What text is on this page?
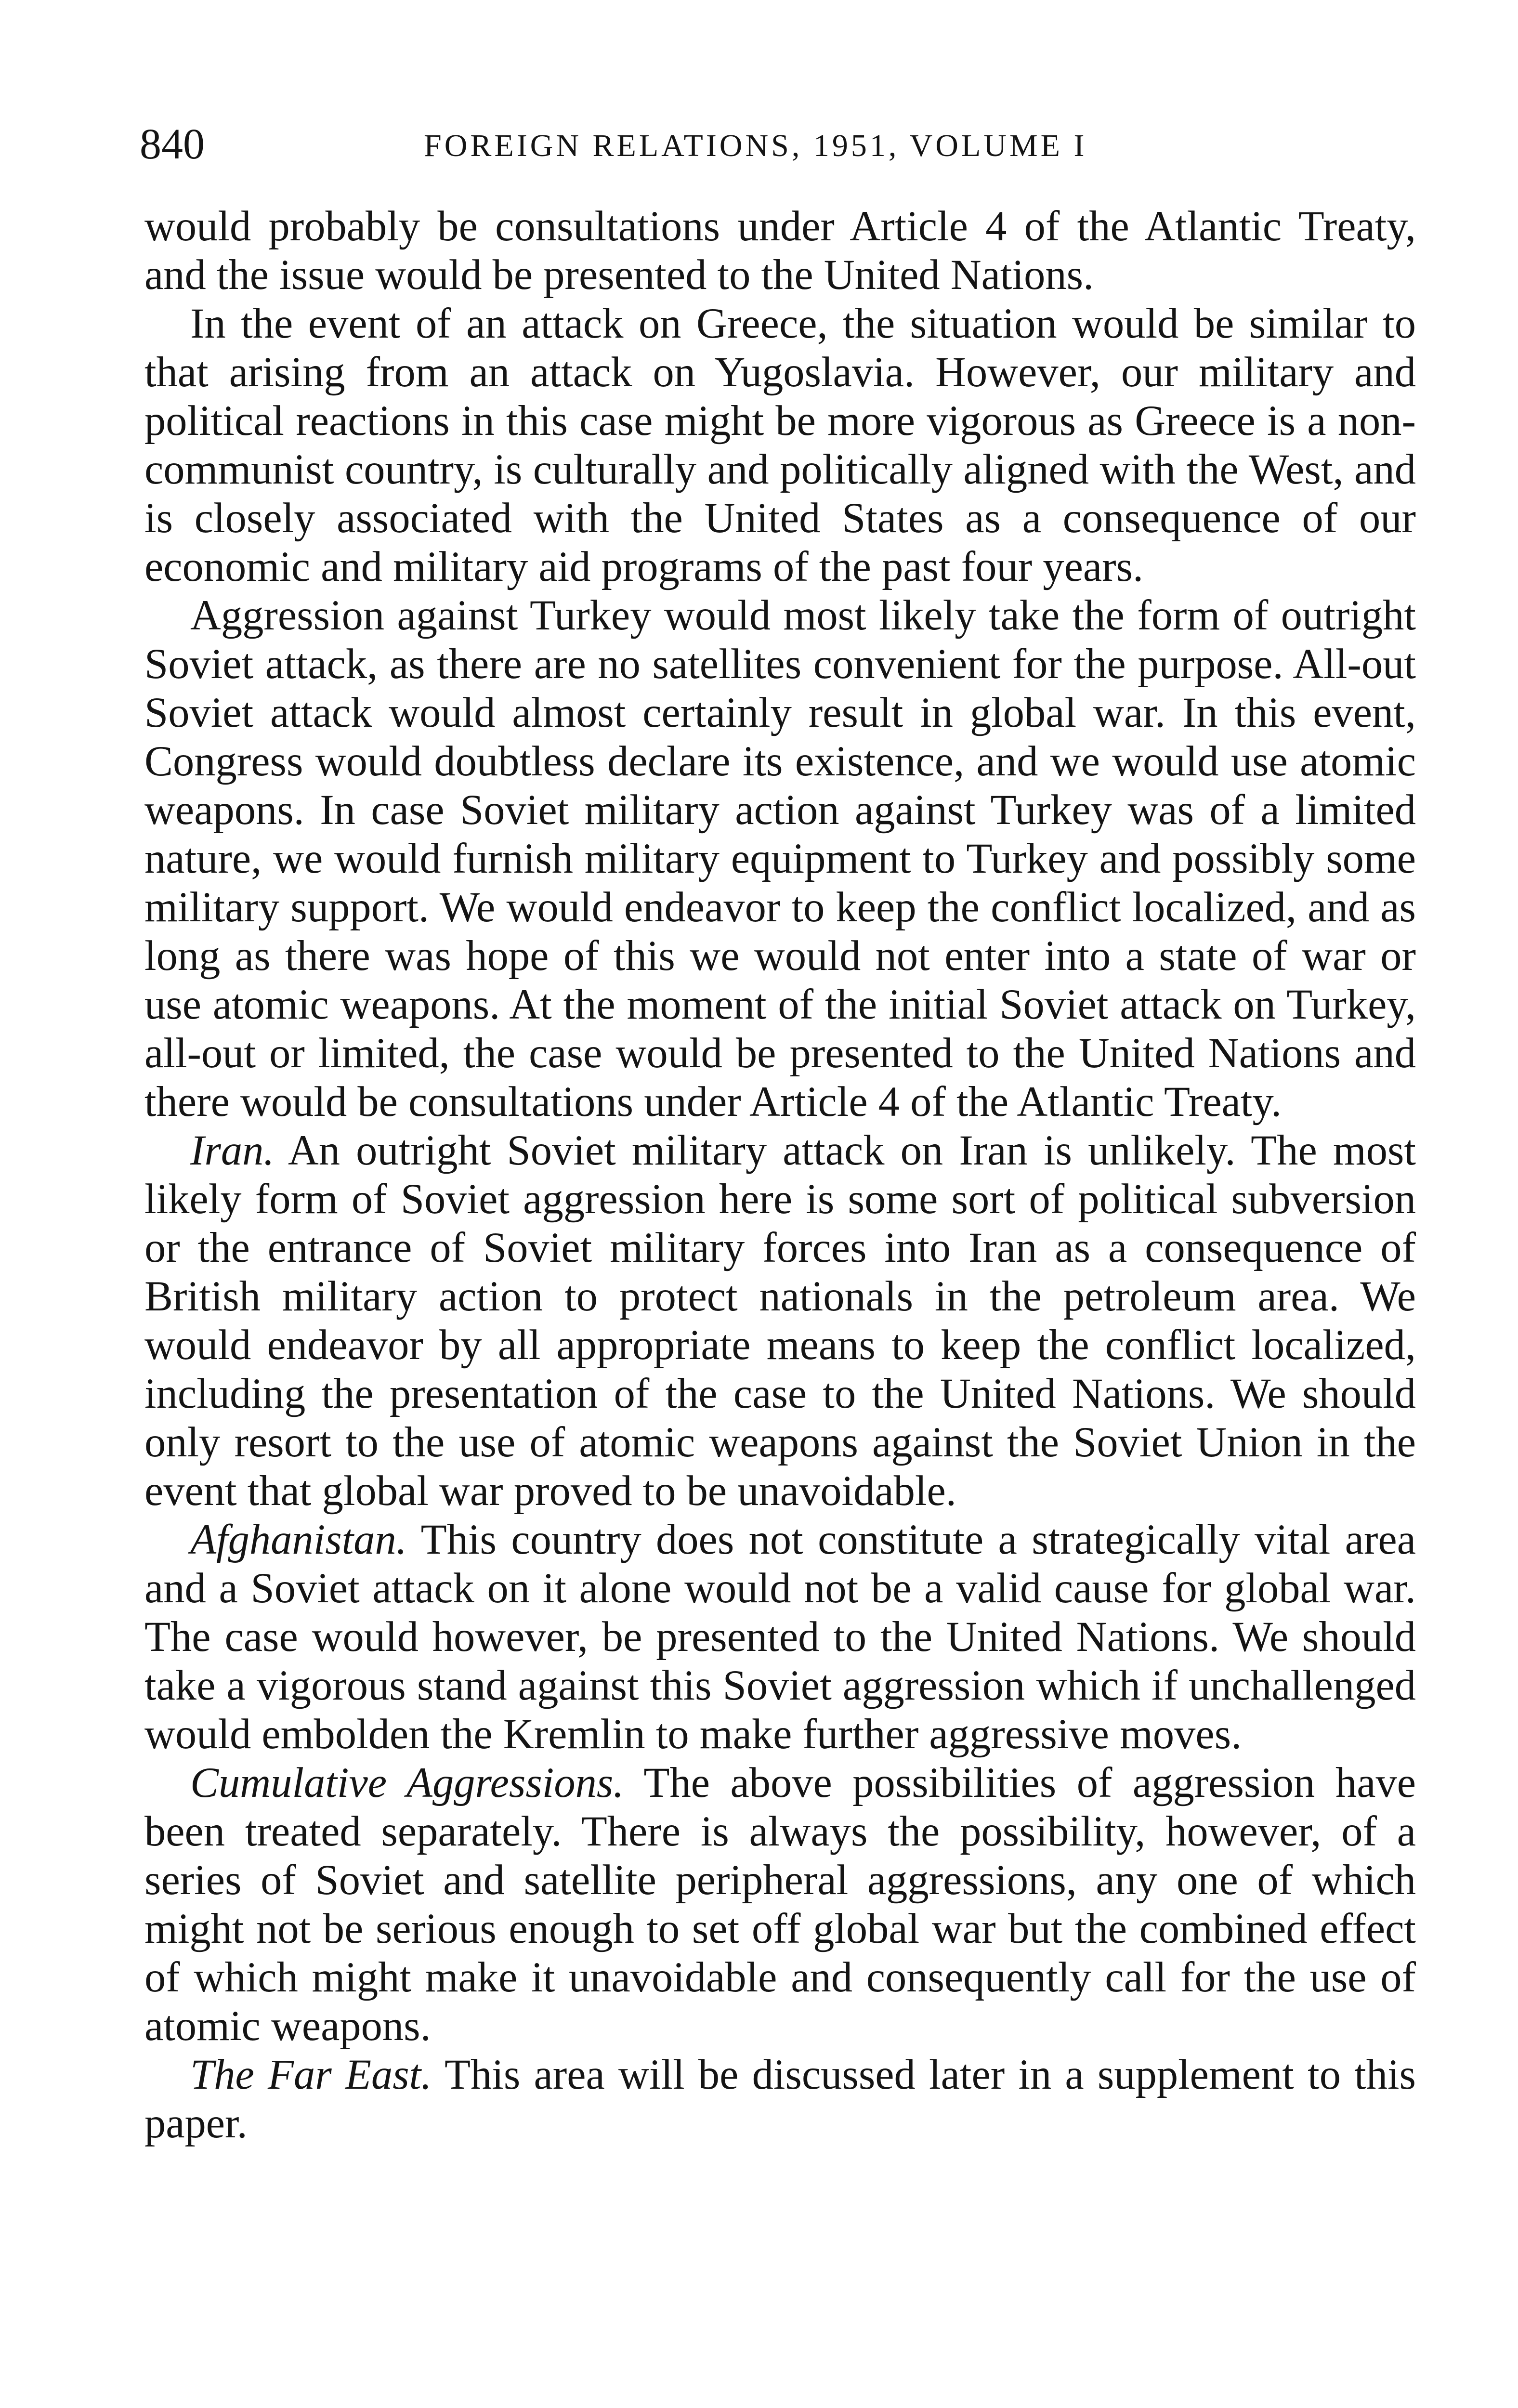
840	FOREIGN RELATIONS, 1951, VOLUME I

would probably be consultations under Article 4 of the Atlantic Treaty, and the issue would be presented to the United Nations.

In the event of an attack on Greece, the situation would be similar to that arising from an attack on Yugoslavia. However, our military and political reactions in this case might be more vigorous as Greece is a non-communist country, is culturally and politically aligned with the West, and is closely associated with the United States as a consequence of our economic and military aid programs of the past four years.

Aggression against Turkey would most likely take the form of outright Soviet attack, as there are no satellites convenient for the purpose. All-out Soviet attack would almost certainly result in global war. In this event, Congress would doubtless declare its existence, and we would use atomic weapons. In case Soviet military action against Turkey was of a limited nature, we would furnish military equipment to Turkey and possibly some military support. We would endeavor to keep the conflict localized, and as long as there was hope of this we would not enter into a state of war or use atomic weapons. At the moment of the initial Soviet attack on Turkey, all-out or limited, the case would be presented to the United Nations and there would be consultations under Article 4 of the Atlantic Treaty.

Iran. An outright Soviet military attack on Iran is unlikely. The most likely form of Soviet aggression here is some sort of political subversion or the entrance of Soviet military forces into Iran as a consequence of British military action to protect nationals in the petroleum area. We would endeavor by all appropriate means to keep the conflict localized, including the presentation of the case to the United Nations. We should only resort to the use of atomic weapons against the Soviet Union in the event that global war proved to be unavoidable.

Afghanistan. This country does not constitute a strategically vital area and a Soviet attack on it alone would not be a valid cause for global war. The case would however, be presented to the United Nations. We should take a vigorous stand against this Soviet aggression which if unchallenged would embolden the Kremlin to make further aggressive moves.

Cumulative Aggressions. The above possibilities of aggression have been treated separately. There is always the possibility, however, of a series of Soviet and satellite peripheral aggressions, any one of which might not be serious enough to set off global war but the combined effect of which might make it unavoidable and consequently call for the use of atomic weapons.

The Far East. This area will be discussed later in a supplement to this paper.
